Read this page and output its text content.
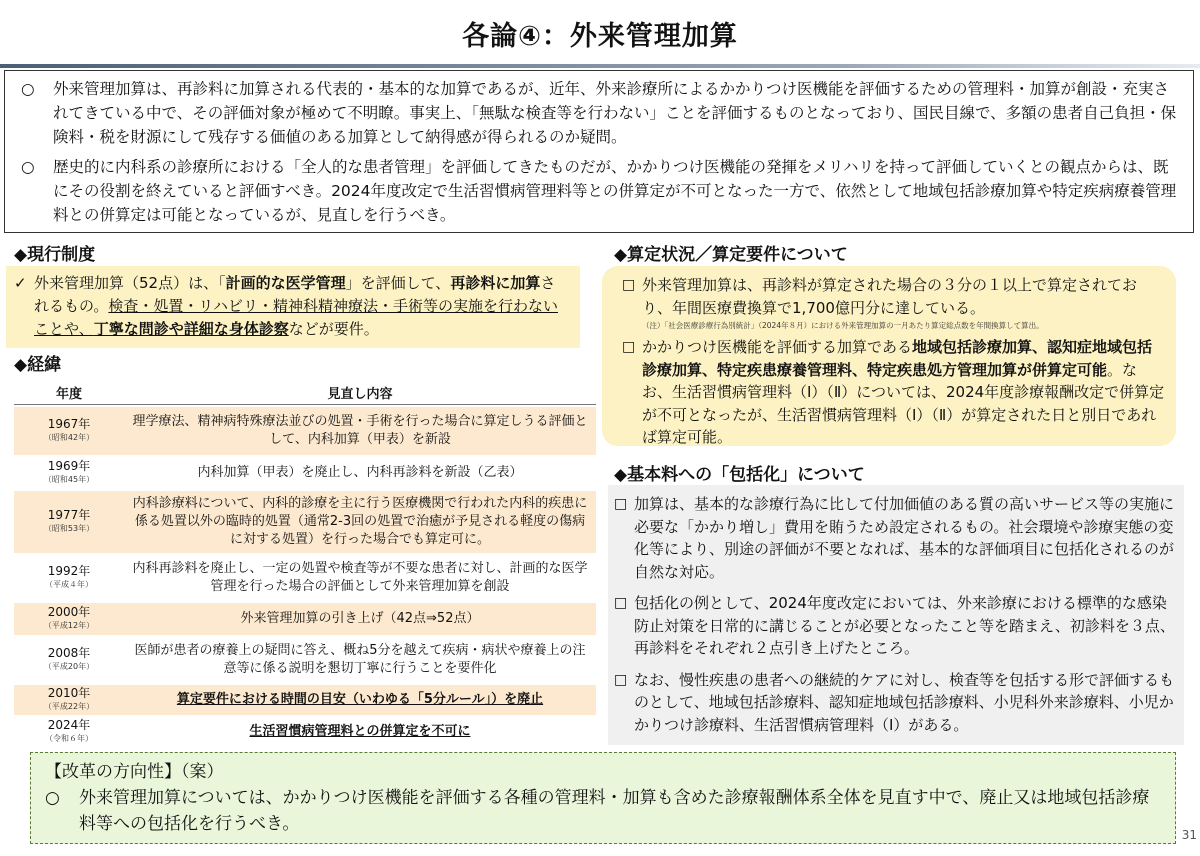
各論④：外来管理加算
○	外来管理加算は、再診料に加算される代表的・基本的な加算であるが、近年、外来診療所によるかかりつけ医機能を評価するための管理料・加算が創設・充実されてきている中で、その評価対象が極めて不明瞭。事実上、「無駄な検査等を行わない」ことを評価するものとなっており、国民目線で、多額の患者自己負担・保険料・税を財源にして残存する価値のある加算として納得感が得られるのか疑問。
○	歴史的に内科系の診療所における「全人的な患者管理」を評価してきたものだが、かかりつけ医機能の発揮をメリハリを持って評価していくとの観点からは、既にその役割を終えていると評価すべき。2024年度改定で生活習慣病管理料等との併算定が不可となった一方で、依然として地域包括診療加算や特定疾病療養管理料との併算定は可能となっているが、見直しを行うべき。
◆現行制度
✓ 外来管理加算（52点）は、「計画的な医学管理」を評価して、再診料に加算されるもの。検査・処置・リハビリ・精神科精神療法・手術等の実施を行わないことや、丁寧な問診や詳細な身体診察などが要件。
◆経緯
年度	見直し内容
1967年
（昭和42年）	理学療法、精神病特殊療法並びの処置・手術を行った場合に算定しうる評価として、内科加算（甲表）を新設
1969年
（昭和45年）	内科加算（甲表）を廃止し、内科再診料を新設（乙表）
1977年
（昭和53年）	内科診療料について、内科的診療を主に行う医療機関で行われた内科的疾患に係る処置以外の臨時的処置（通常2-3回の処置で治癒が予見される軽度の傷病に対する処置）を行った場合でも算定可に。
1992年
（平成４年）	内科再診料を廃止し、一定の処置や検査等が不要な患者に対し、計画的な医学管理を行った場合の評価として外来管理加算を創設
2000年
（平成12年）	外来管理加算の引き上げ（42点⇒52点）
2008年
（平成20年）	医師が患者の療養上の疑問に答え、概ね5分を越えて疾病・病状や療養上の注意等に係る説明を懇切丁寧に行うことを要件化
2010年
（平成22年）	算定要件における時間の目安（いわゆる「5分ルール」）を廃止
2024年
（令和６年）	生活習慣病管理料との併算定を不可に
◆算定状況／算定要件について
□ 外来管理加算は、再診料が算定された場合の３分の１以上で算定されており、年間医療費換算で1,700億円分に達している。
（注）「社会医療診療行為別統計」（2024年８月）における外来管理加算の一月あたり算定総点数を年間換算して算出。
□ かかりつけ医機能を評価する加算である地域包括診療加算、認知症地域包括診療加算、特定疾患療養管理料、特定疾患処方管理加算が併算定可能。なお、生活習慣病管理料（Ⅰ）（Ⅱ）については、2024年度診療報酬改定で併算定が不可となったが、生活習慣病管理料（Ⅰ）（Ⅱ）が算定された日と別日であれば算定可能。
◆基本料への「包括化」について
□ 加算は、基本的な診療行為に比して付加価値のある質の高いサービス等の実施に必要な「かかり増し」費用を賄うため設定されるもの。社会環境や診療実態の変化等により、別途の評価が不要となれば、基本的な評価項目に包括化されるのが自然な対応。
□ 包括化の例として、2024年度改定においては、外来診療における標準的な感染防止対策を日常的に講じることが必要となったこと等を踏まえ、初診料を３点、再診料をそれぞれ２点引き上げたところ。
□ なお、慢性疾患の患者への継続的ケアに対し、検査等を包括する形で評価するものとして、地域包括診療料、認知症地域包括診療料、小児科外来診療料、小児かかりつけ診療料、生活習慣病管理料（Ⅰ）がある。
【改革の方向性】（案）
○	外来管理加算については、かかりつけ医機能を評価する各種の管理料・加算も含めた診療報酬体系全体を見直す中で、廃止又は地域包括診療料等への包括化を行うべき。
31
